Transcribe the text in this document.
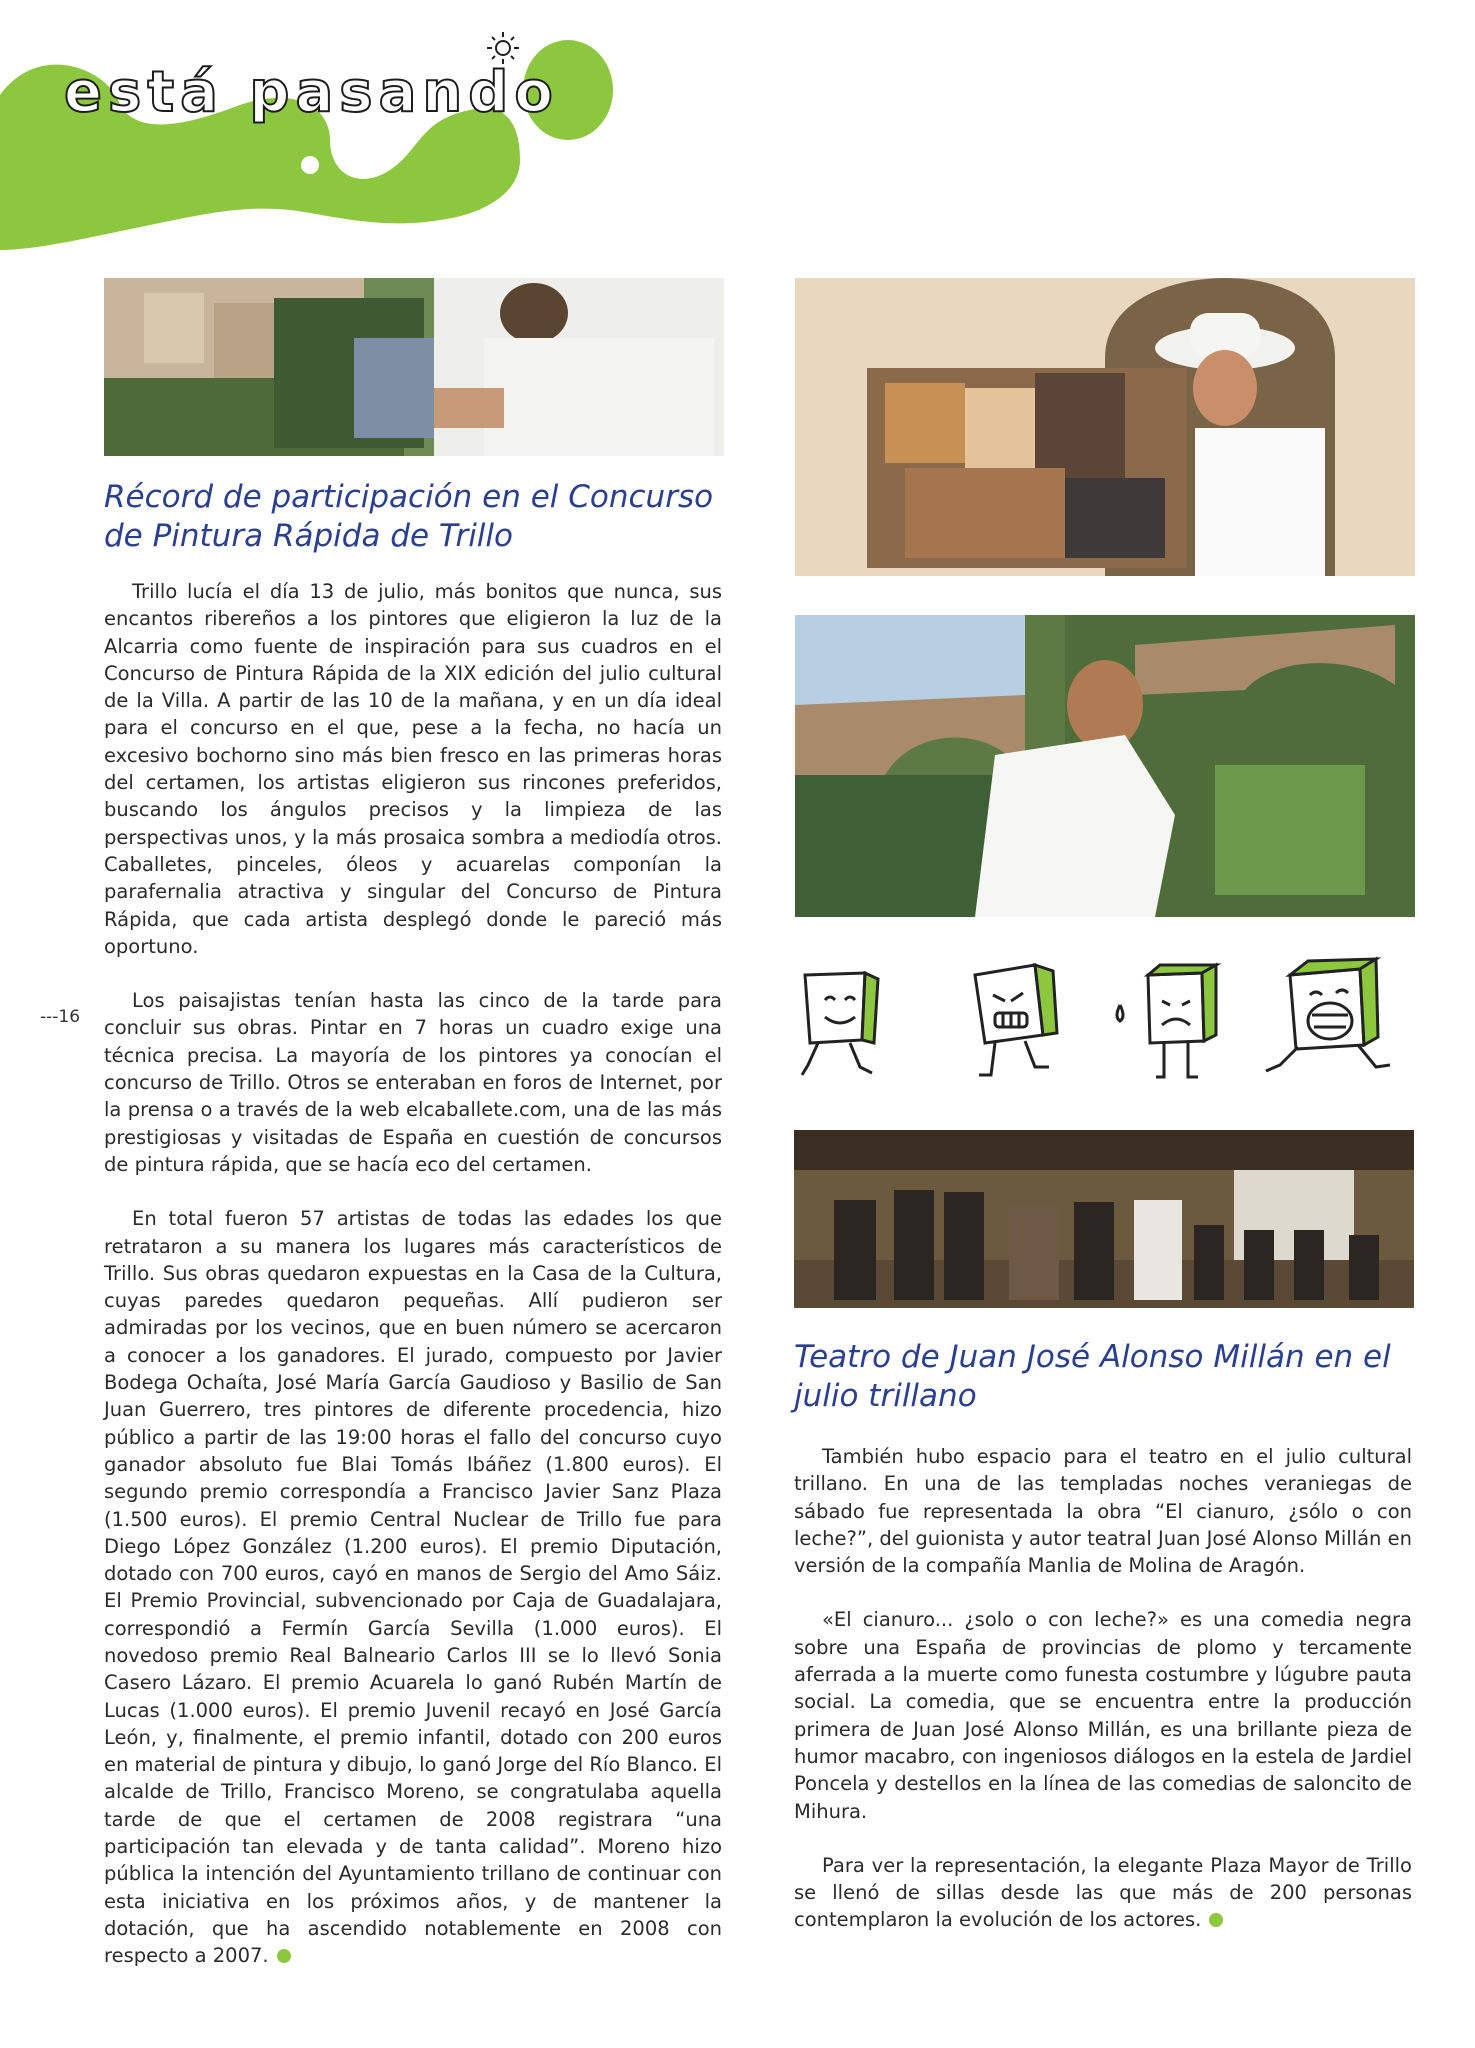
está pasando
Récord de participación en el Concurso de Pintura Rápida de Trillo

Trillo lucía el día 13 de julio, más bonitos que nunca, sus encantos ribereños a los pintores que eligieron la luz de la Alcarria como fuente de inspiración para sus cuadros en el Concurso de Pintura Rápida de la XIX edición del julio cultural de la Villa. A partir de las 10 de la mañana, y en un día ideal para el concurso en el que, pese a la fecha, no hacía un excesivo bochorno sino más bien fresco en las primeras horas del certamen, los artistas eligieron sus rincones preferidos, buscando los ángulos precisos y la limpieza de las perspectivas unos, y la más prosaica sombra a mediodía otros. Caballetes, pinceles, óleos y acuarelas componían la parafernalia atractiva y singular del Concurso de Pintura Rápida, que cada artista desplegó donde le pareció más oportuno.

Los paisajistas tenían hasta las cinco de la tarde para concluir sus obras. Pintar en 7 horas un cuadro exige una técnica precisa. La mayoría de los pintores ya conocían el concurso de Trillo. Otros se enteraban en foros de Internet, por la prensa o a través de la web elcaballete.com, una de las más prestigiosas y visitadas de España en cuestión de concursos de pintura rápida, que se hacía eco del certamen.

En total fueron 57 artistas de todas las edades los que retrataron a su manera los lugares más característicos de Trillo. Sus obras quedaron expuestas en la Casa de la Cultura, cuyas paredes quedaron pequeñas. Allí pudieron ser admiradas por los vecinos, que en buen número se acercaron a conocer a los ganadores. El jurado, compuesto por Javier Bodega Ochaíta, José María García Gaudioso y Basilio de San Juan Guerrero, tres pintores de diferente procedencia, hizo público a partir de las 19:00 horas el fallo del concurso cuyo ganador absoluto fue Blai Tomás Ibáñez (1.800 euros). El segundo premio correspondía a Francisco Javier Sanz Plaza (1.500 euros). El premio Central Nuclear de Trillo fue para Diego López González (1.200 euros). El premio Diputación, dotado con 700 euros, cayó en manos de Sergio del Amo Sáiz. El Premio Provincial, subvencionado por Caja de Guadalajara, correspondió a Fermín García Sevilla (1.000 euros). El novedoso premio Real Balneario Carlos III se lo llevó Sonia Casero Lázaro. El premio Acuarela lo ganó Rubén Martín de Lucas (1.000 euros). El premio Juvenil recayó en José García León, y, finalmente, el premio infantil, dotado con 200 euros en material de pintura y dibujo, lo ganó Jorge del Río Blanco. El alcalde de Trillo, Francisco Moreno, se congratulaba aquella tarde de que el certamen de 2008 registrara “una participación tan elevada y de tanta calidad”. Moreno hizo pública la intención del Ayuntamiento trillano de continuar con esta iniciativa en los próximos años, y de mantener la dotación, que ha ascendido notablemente en 2008 con respecto a 2007.

---16
Teatro de Juan José Alonso Millán en el julio trillano

También hubo espacio para el teatro en el julio cultural trillano. En una de las templadas noches veraniegas de sábado fue representada la obra “El cianuro, ¿sólo o con leche?”, del guionista y autor teatral Juan José Alonso Millán en versión de la compañía Manlia de Molina de Aragón.

«El cianuro... ¿solo o con leche?» es una comedia negra sobre una España de provincias de plomo y tercamente aferrada a la muerte como funesta costumbre y lúgubre pauta social. La comedia, que se encuentra entre la producción primera de Juan José Alonso Millán, es una brillante pieza de humor macabro, con ingeniosos diálogos en la estela de Jardiel Poncela y destellos en la línea de las comedias de saloncito de Mihura.

Para ver la representación, la elegante Plaza Mayor de Trillo se llenó de sillas desde las que más de 200 personas contemplaron la evolución de los actores.
